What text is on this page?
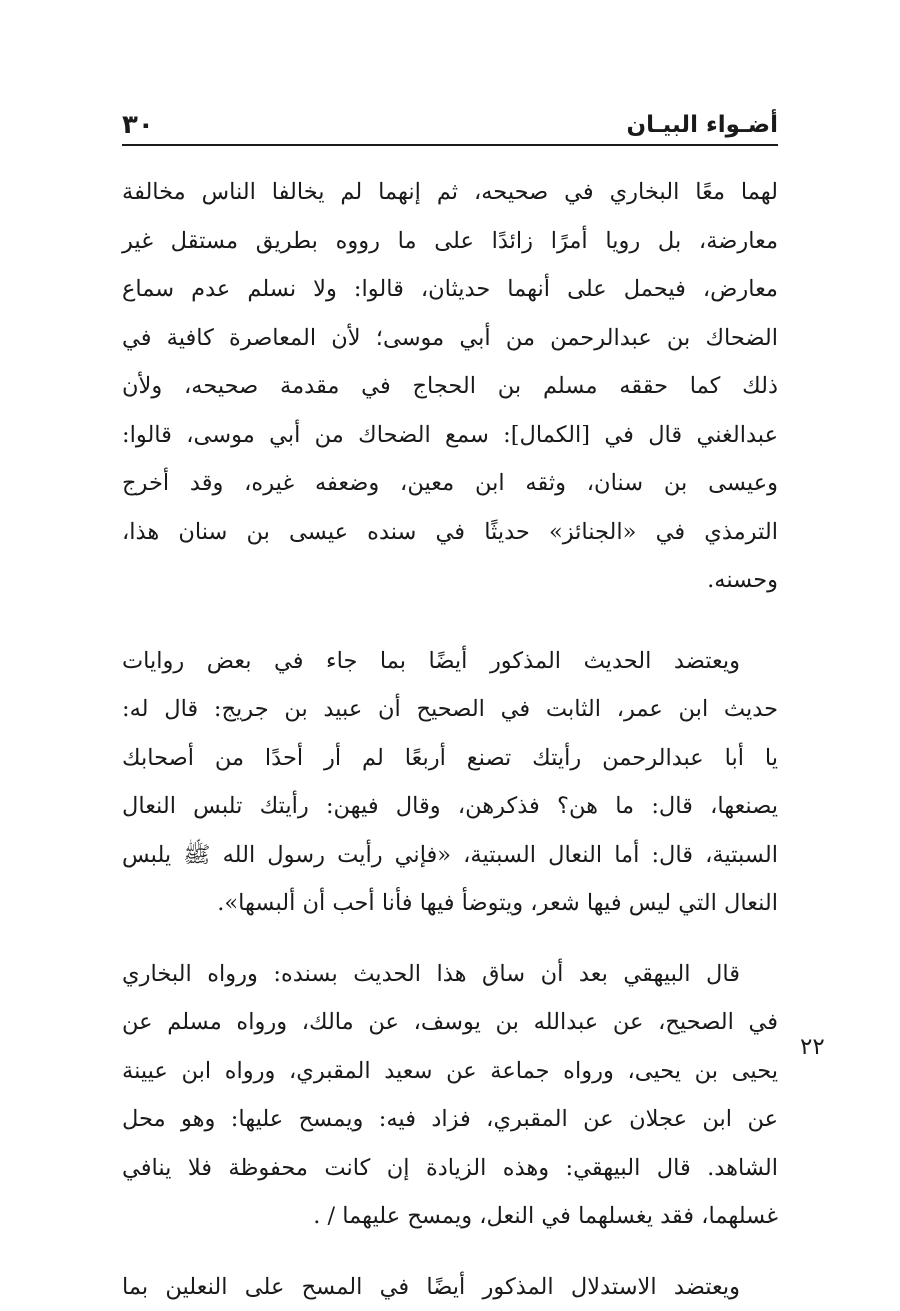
أضـواء البيـان
٣٠
لهما معًا البخاري في صحيحه، ثم إنهما لم يخالفا الناس مخالفة
معارضة، بل رويا أمرًا زائدًا على ما رووه بطريق مستقل غير
معارض، فيحمل على أنهما حديثان، قالوا: ولا نسلم عدم سماع
الضحاك بن عبدالرحمن من أبي موسى؛ لأن المعاصرة كافية في
ذلك كما حققه مسلم بن الحجاج في مقدمة صحيحه، ولأن
عبدالغني قال في [الكمال]: سمع الضحاك من أبي موسى، قالوا:
وعيسى بن سنان، وثقه ابن معين، وضعفه غيره، وقد أخرج
الترمذي في «الجنائز» حديثًا في سنده عيسى بن سنان هذا،
وحسنه.
ويعتضد الحديث المذكور أيضًا بما جاء في بعض روايات
حديث ابن عمر، الثابت في الصحيح أن عبيد بن جريج: قال له:
يا أبا عبدالرحمن رأيتك تصنع أربعًا لم أر أحدًا من أصحابك
يصنعها، قال: ما هن؟ فذكرهن، وقال فيهن: رأيتك تلبس النعال
السبتية، قال: أما النعال السبتية، «فإني رأيت رسول الله ﷺ يلبس
النعال التي ليس فيها شعر، ويتوضأ فيها فأنا أحب أن ألبسها».
قال البيهقي بعد أن ساق هذا الحديث بسنده: ورواه البخاري
في الصحيح، عن عبدالله بن يوسف، عن مالك، ورواه مسلم عن
يحيى بن يحيى، ورواه جماعة عن سعيد المقبري، ورواه ابن عيينة
عن ابن عجلان عن المقبري، فزاد فيه: ويمسح عليها: وهو محل
الشاهد. قال البيهقي: وهذه الزيادة إن كانت محفوظة فلا ينافي
غسلهما، فقد يغسلهما في النعل، ويمسح عليهما / .
ويعتضد الاستدلال المذكور أيضًا في المسح على النعلين بما
٢٢
